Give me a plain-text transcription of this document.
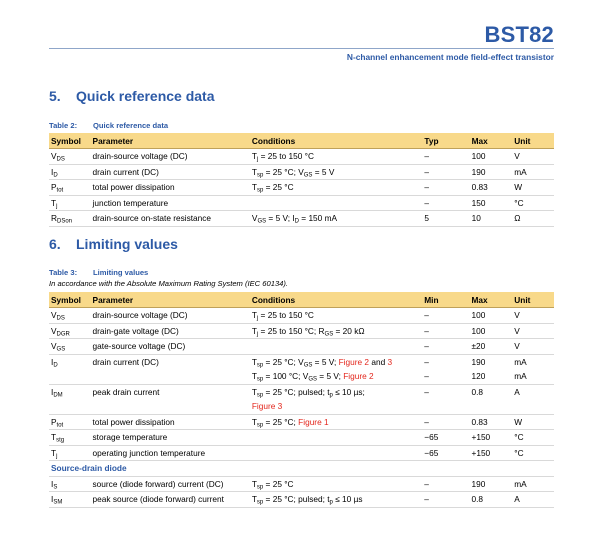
BST82
N-channel enhancement mode field-effect transistor
5. Quick reference data
Table 2: Quick reference data
Symbol	Parameter	Conditions	Typ	Max	Unit
$V_{DS}$	drain-source voltage (DC)	$T_j = 25$ to 150 °C	–	100	V
$I_D$	drain current (DC)	$T_{sp} = 25$ °C; $V_{GS} = 5$ V	–	190	mA
$P_{tot}$	total power dissipation	$T_{sp} = 25$ °C	–	0.83	W
$T_j$	junction temperature		–	150	°C
$R_{DSon}$	drain-source on-state resistance	$V_{GS} = 5$ V; $I_D = 150$ mA	5	10	Ω
6. Limiting values
Table 3: Limiting values
In accordance with the Absolute Maximum Rating System (IEC 60134).
Symbol	Parameter	Conditions	Min	Max	Unit
$V_{DS}$	drain-source voltage (DC)	$T_j = 25$ to 150 °C	–	100	V
$V_{DGR}$	drain-gate voltage (DC)	$T_j = 25$ to 150 °C; $R_{GS} = 20$ kΩ	–	100	V
$V_{GS}$	gate-source voltage (DC)		–	±20	V
$I_D$	drain current (DC)	$T_{sp} = 25$ °C; $V_{GS} = 5$ V; Figure 2 and 3	–	190	mA
		$T_{sp} = 100$ °C; $V_{GS} = 5$ V; Figure 2	–	120	mA
$I_{DM}$	peak drain current	$T_{sp} = 25$ °C; pulsed; $t_p \le 10$ µs;
Figure 3	–	0.8	A
$P_{tot}$	total power dissipation	$T_{sp} = 25$ °C; Figure 1	–	0.83	W
$T_{stg}$	storage temperature		−65	+150	°C
$T_j$	operating junction temperature		−65	+150	°C
Source-drain diode					
$I_S$	source (diode forward) current (DC)	$T_{sp} = 25$ °C	–	190	mA
$I_{SM}$	peak source (diode forward) current	$T_{sp} = 25$ °C; pulsed; $t_p \le 10$ µs	–	0.8	A
